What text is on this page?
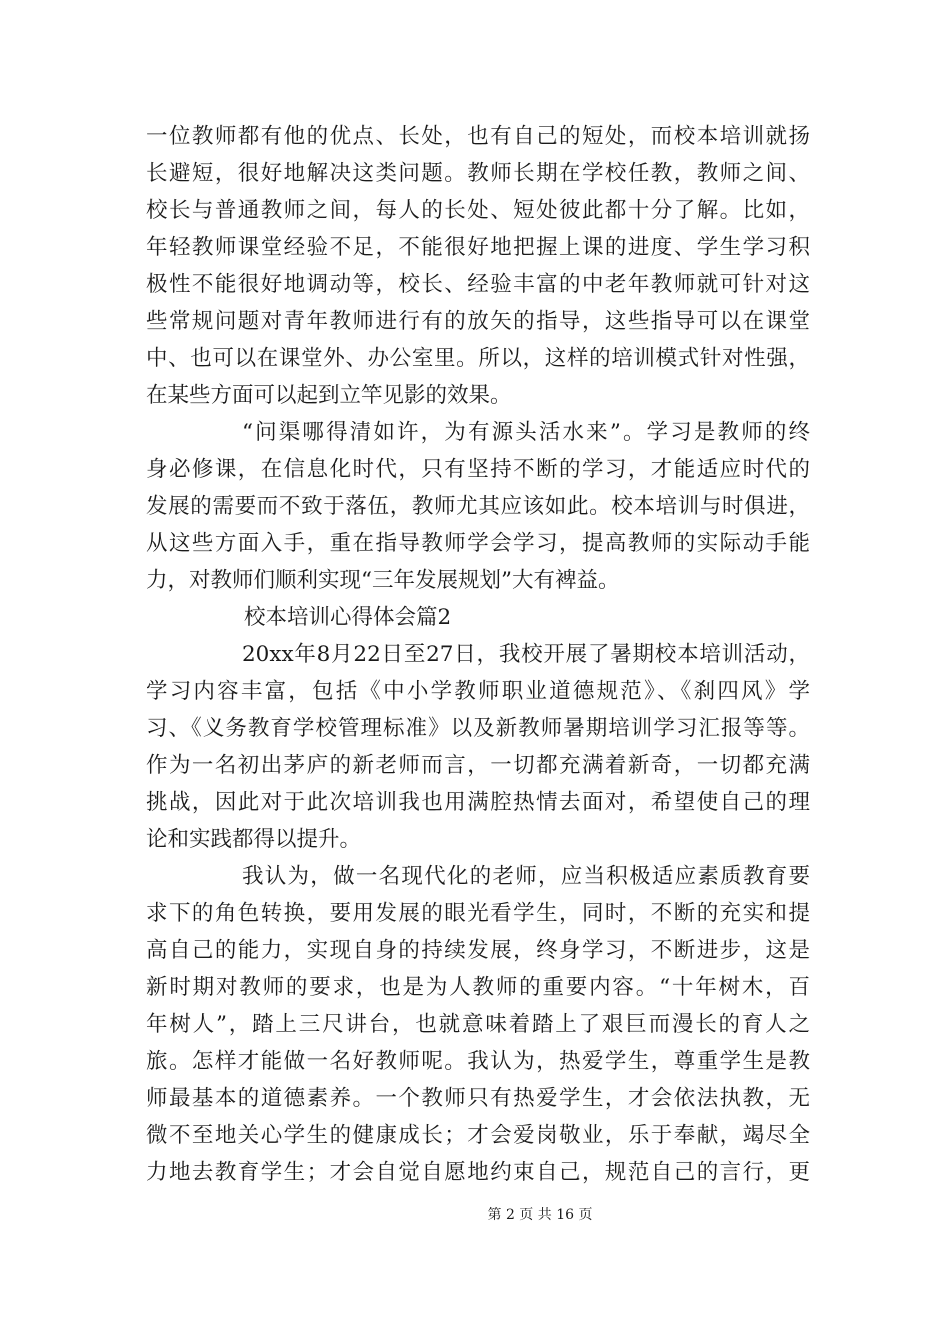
一位教师都有他的优点、长处，也有自己的短处，而校本培训就扬
长避短，很好地解决这类问题。教师长期在学校任教，教师之间、
校长与普通教师之间，每人的长处、短处彼此都十分了解。比如，
年轻教师课堂经验不足，不能很好地把握上课的进度、学生学习积
极性不能很好地调动等，校长、经验丰富的中老年教师就可针对这
些常规问题对青年教师进行有的放矢的指导，这些指导可以在课堂
中、也可以在课堂外、办公室里。所以，这样的培训模式针对性强，
在某些方面可以起到立竿见影的效果。
“问渠哪得清如许，为有源头活水来”。学习是教师的终
身必修课，在信息化时代，只有坚持不断的学习，才能适应时代的
发展的需要而不致于落伍，教师尤其应该如此。校本培训与时俱进，
从这些方面入手，重在指导教师学会学习，提高教师的实际动手能
力，对教师们顺利实现“三年发展规划”大有裨益。
校本培训心得体会篇2
20xx年8月22日至27日，我校开展了暑期校本培训活动，
学习内容丰富，包括《中小学教师职业道德规范》、《刹四风》学
习、《义务教育学校管理标准》以及新教师暑期培训学习汇报等等。
作为一名初出茅庐的新老师而言，一切都充满着新奇，一切都充满
挑战，因此对于此次培训我也用满腔热情去面对，希望使自己的理
论和实践都得以提升。
我认为，做一名现代化的老师，应当积极适应素质教育要
求下的角色转换，要用发展的眼光看学生，同时，不断的充实和提
高自己的能力，实现自身的持续发展，终身学习，不断进步，这是
新时期对教师的要求，也是为人教师的重要内容。“十年树木，百
年树人”，踏上三尺讲台，也就意味着踏上了艰巨而漫长的育人之
旅。怎样才能做一名好教师呢。我认为，热爱学生，尊重学生是教
师最基本的道德素养。一个教师只有热爱学生，才会依法执教，无
微不至地关心学生的健康成长；才会爱岗敬业，乐于奉献，竭尽全
力地去教育学生；才会自觉自愿地约束自己，规范自己的言行，更
第 2 页 共 16 页
